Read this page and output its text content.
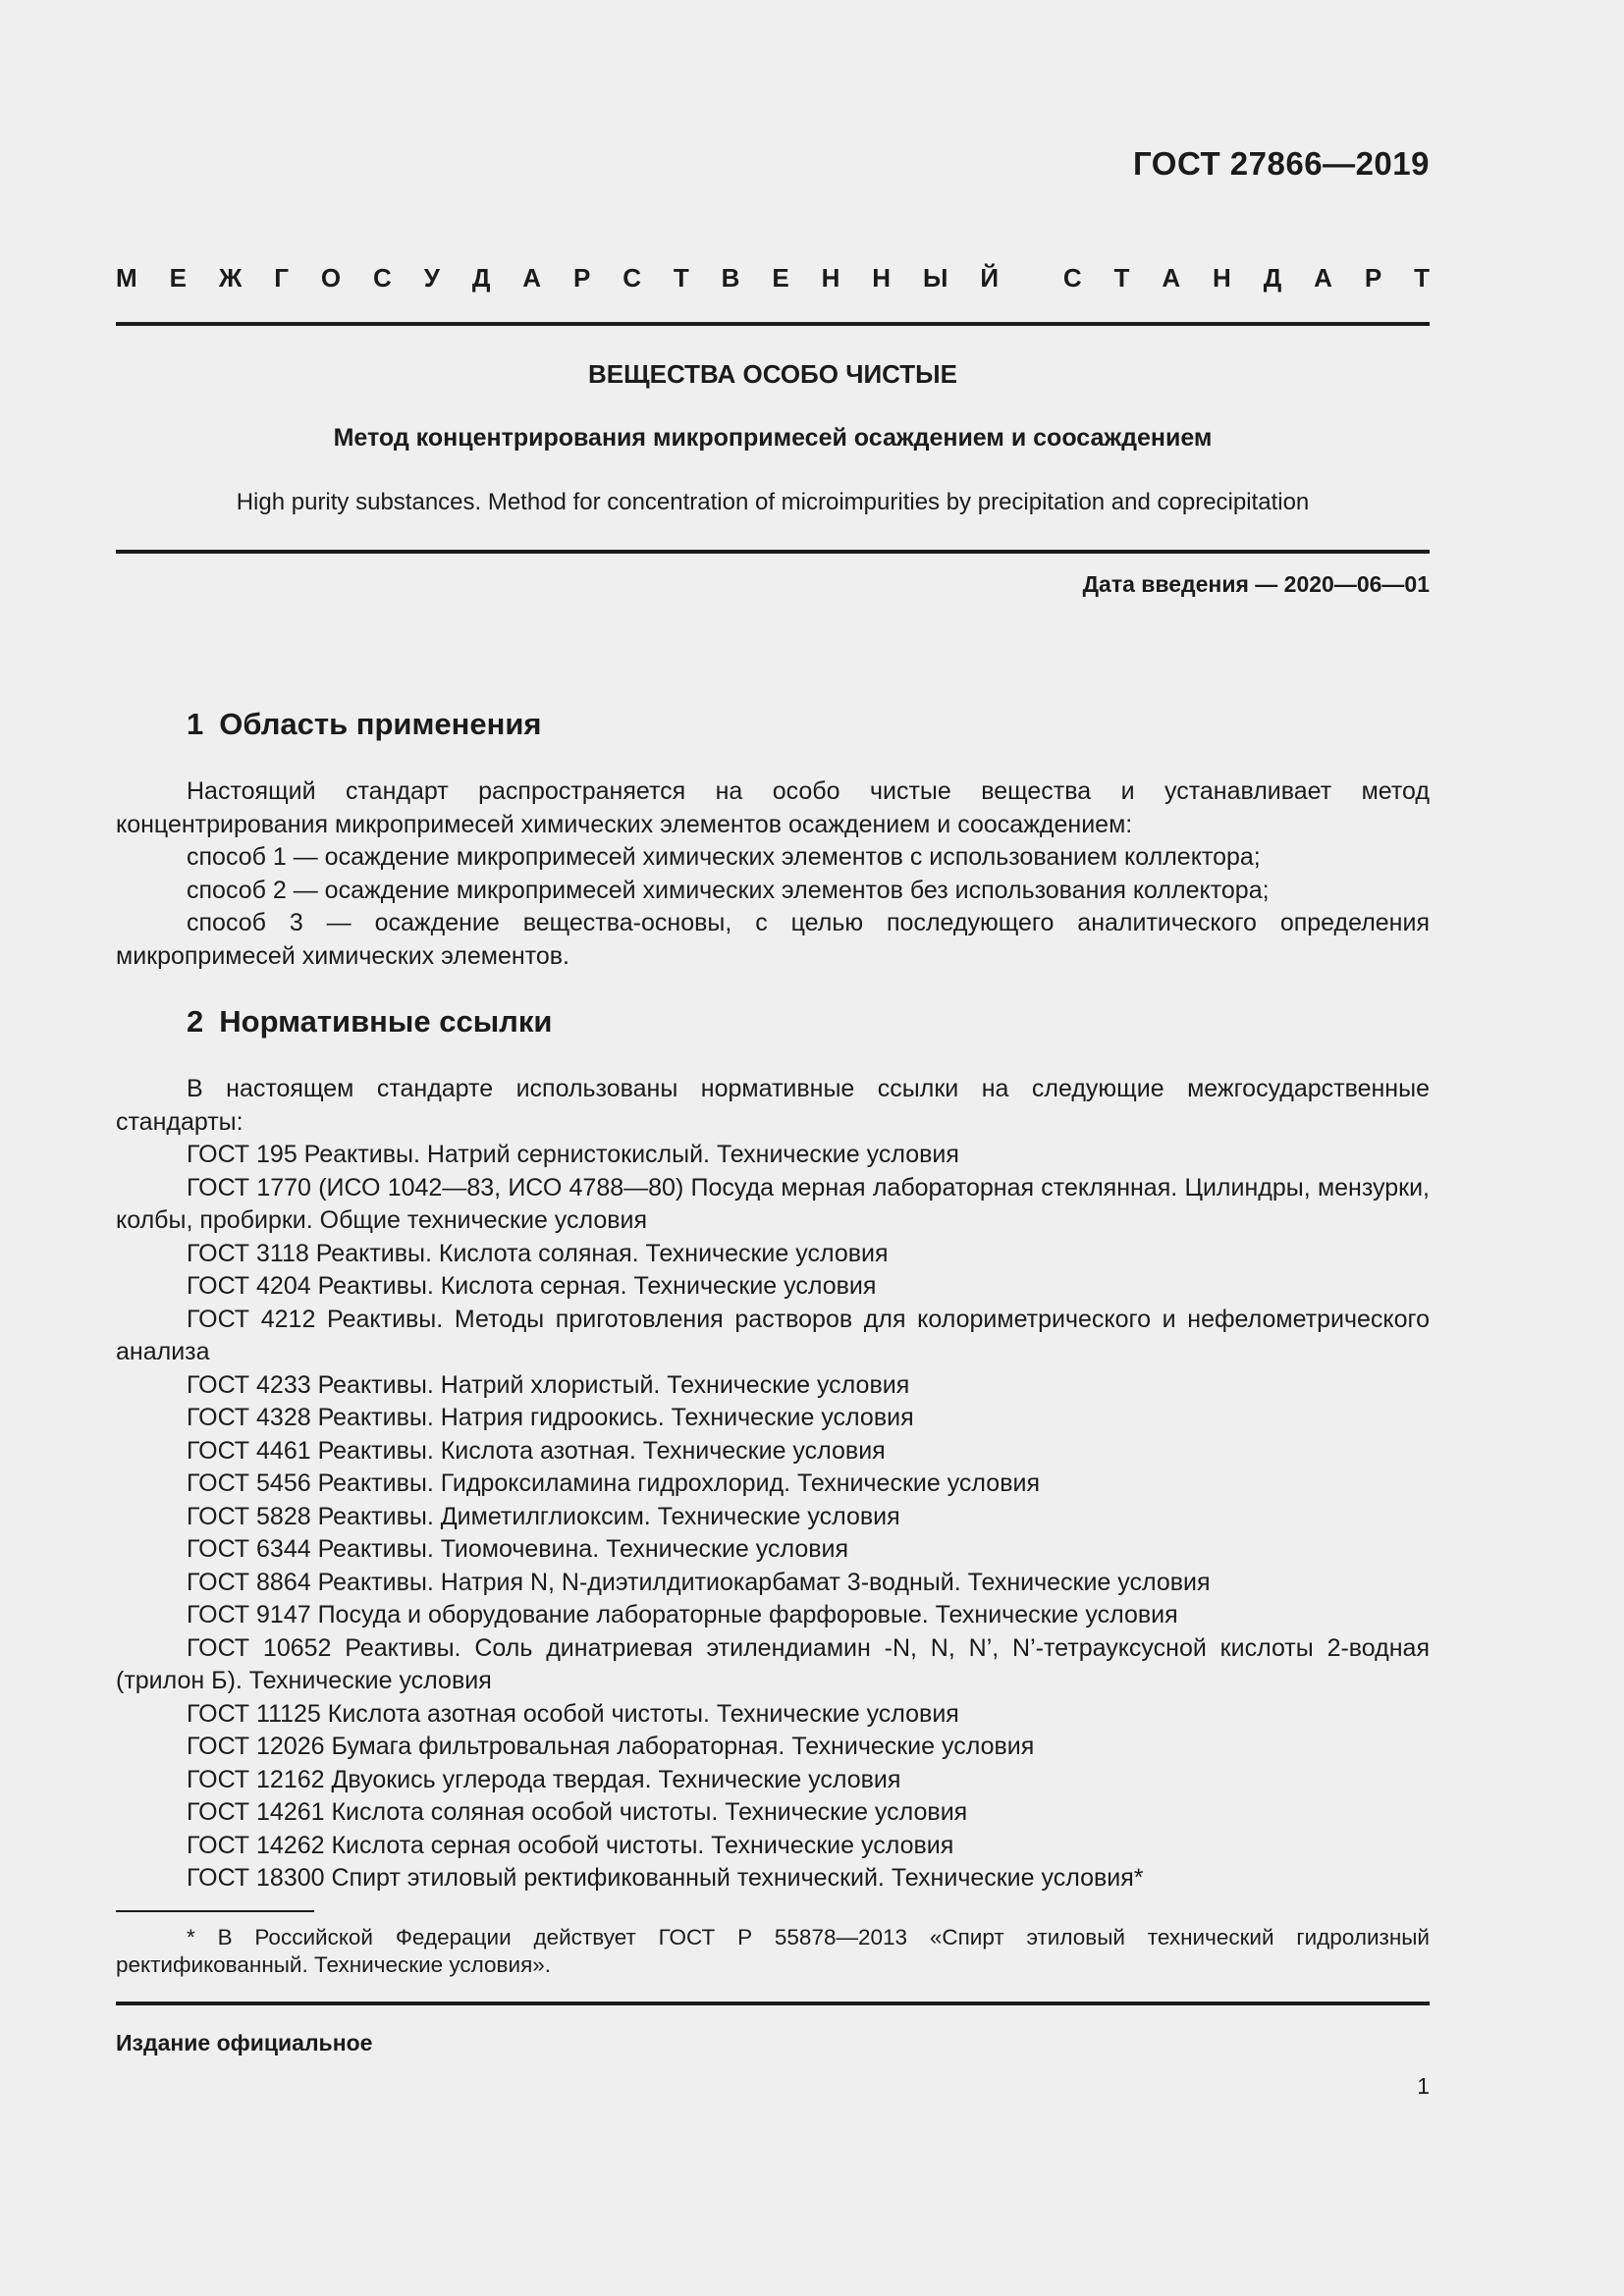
ГОСТ 27866—2019
М Е Ж Г О С У Д А Р С Т В Е Н Н Ы Й	С Т А Н Д А Р Т
ВЕЩЕСТВА ОСОБО ЧИСТЫЕ
Метод концентрирования микропримесей осаждением и соосаждением
High purity substances. Method for concentration of microimpurities by precipitation and coprecipitation
Дата введения — 2020—06—01
1 Область применения

Настоящий стандарт распространяется на особо чистые вещества и устанавливает метод концентрирования микропримесей химических элементов осаждением и соосаждением:

способ 1 — осаждение микропримесей химических элементов с использованием коллектора;

способ 2 — осаждение микропримесей химических элементов без использования коллектора;

способ 3 — осаждение вещества-основы, с целью последующего аналитического определения микропримесей химических элементов.

2 Нормативные ссылки

В настоящем стандарте использованы нормативные ссылки на следующие межгосударственные стандарты:

ГОСТ 195 Реактивы. Натрий сернистокислый. Технические условия

ГОСТ 1770 (ИСО 1042—83, ИСО 4788—80) Посуда мерная лабораторная стеклянная. Цилиндры, мензурки, колбы, пробирки. Общие технические условия

ГОСТ 3118 Реактивы. Кислота соляная. Технические условия

ГОСТ 4204 Реактивы. Кислота серная. Технические условия

ГОСТ 4212 Реактивы. Методы приготовления растворов для колориметрического и нефелометрического анализа

ГОСТ 4233 Реактивы. Натрий хлористый. Технические условия

ГОСТ 4328 Реактивы. Натрия гидроокись. Технические условия

ГОСТ 4461 Реактивы. Кислота азотная. Технические условия

ГОСТ 5456 Реактивы. Гидроксиламина гидрохлорид. Технические условия

ГОСТ 5828 Реактивы. Диметилглиоксим. Технические условия

ГОСТ 6344 Реактивы. Тиомочевина. Технические условия

ГОСТ 8864 Реактивы. Натрия N, N-диэтилдитиокарбамат 3-водный. Технические условия

ГОСТ 9147 Посуда и оборудование лабораторные фарфоровые. Технические условия

ГОСТ 10652 Реактивы. Соль динатриевая этилендиамин -N, N, N’, N’-тетрауксусной кислоты 2-водная (трилон Б). Технические условия

ГОСТ 11125 Кислота азотная особой чистоты. Технические условия

ГОСТ 12026 Бумага фильтровальная лабораторная. Технические условия

ГОСТ 12162 Двуокись углерода твердая. Технические условия

ГОСТ 14261 Кислота соляная особой чистоты. Технические условия

ГОСТ 14262 Кислота серная особой чистоты. Технические условия

ГОСТ 18300 Спирт этиловый ректификованный технический. Технические условия*

* В Российской Федерации действует ГОСТ Р 55878—2013 «Спирт этиловый технический гидролизный ректификованный. Технические условия».
Издание официальное
1
